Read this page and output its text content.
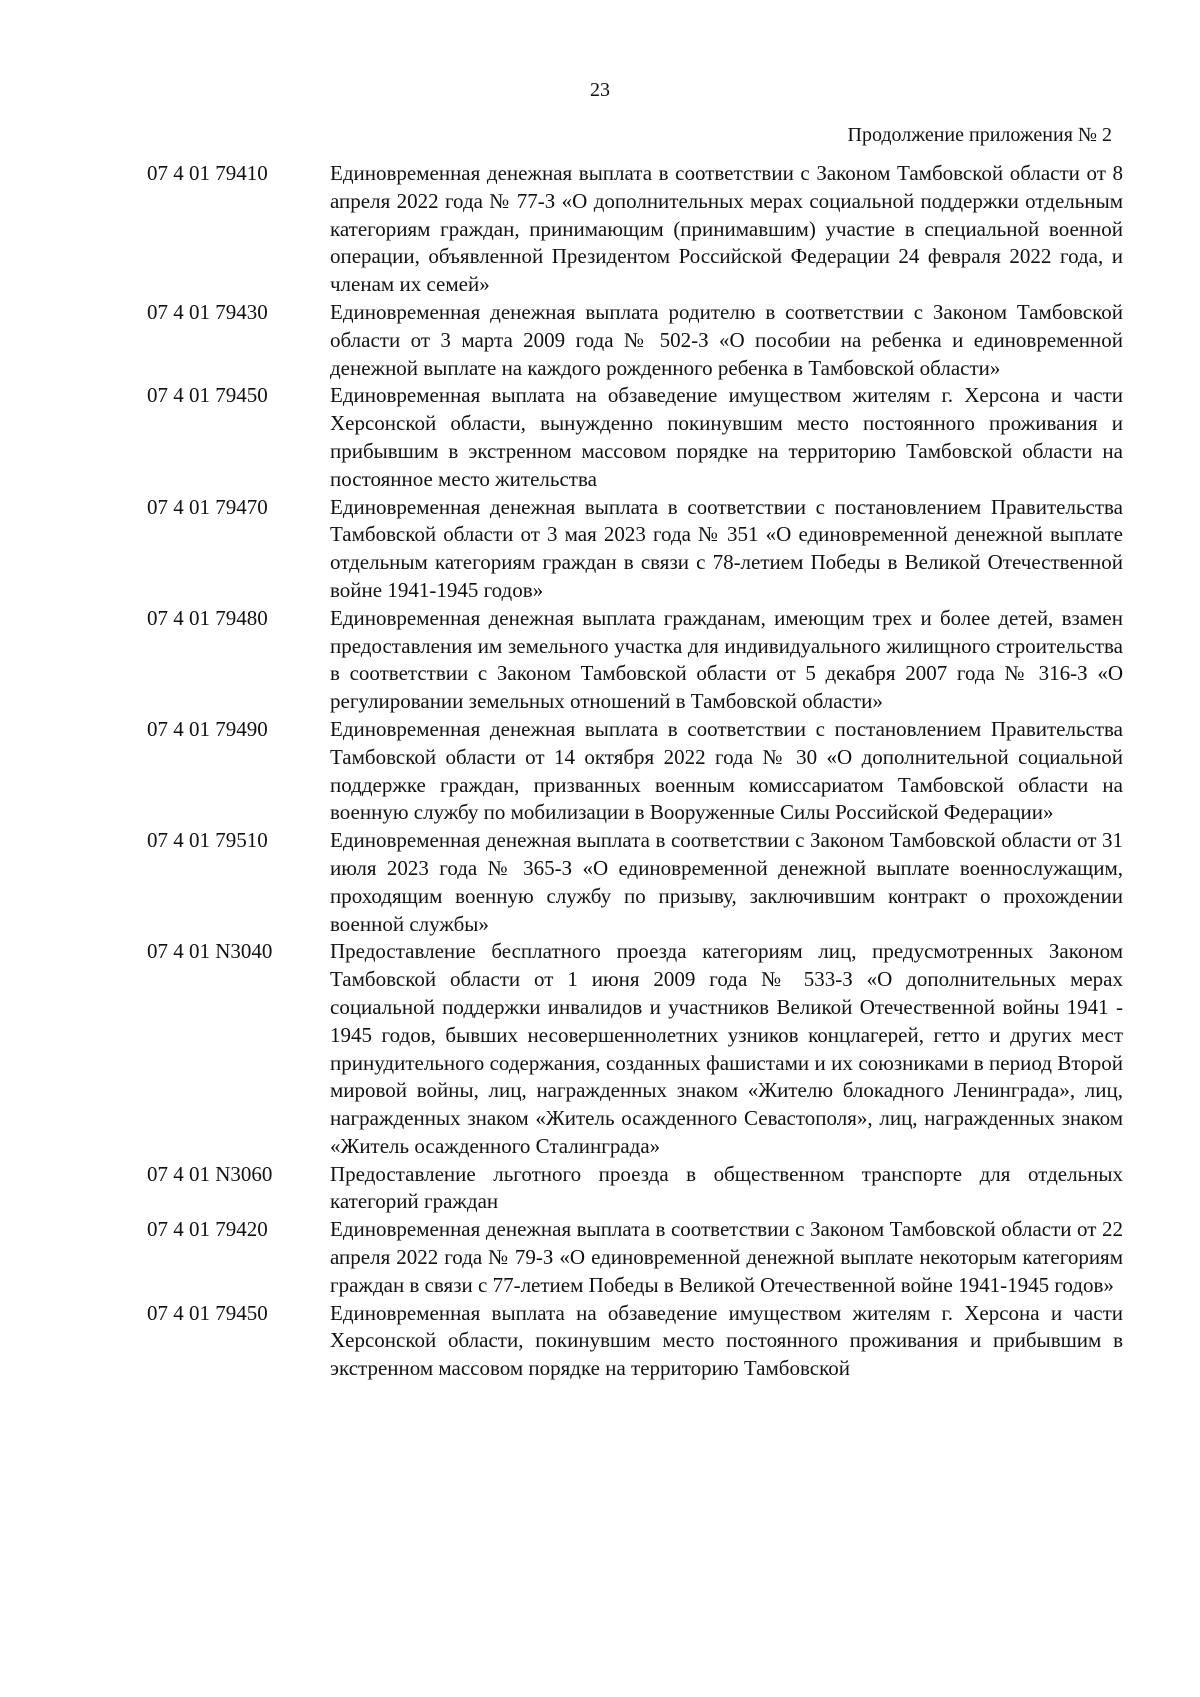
23
Продолжение приложения № 2
07 4 01 79410	Единовременная денежная выплата в соответствии с Законом Тамбовской области от 8 апреля 2022 года № 77-З «О дополнительных мерах социальной поддержки отдельным категориям граждан, принимающим (принимавшим) участие в специальной военной операции, объявленной Президентом Российской Федерации 24 февраля 2022 года, и членам их семей»
07 4 01 79430	Единовременная денежная выплата родителю в соответствии с Законом Тамбовской области от 3 марта 2009 года № 502-З «О пособии на ребенка и единовременной денежной выплате на каждого рожденного ребенка в Тамбовской области»
07 4 01 79450	Единовременная выплата на обзаведение имуществом жителям г. Херсона и части Херсонской области, вынужденно покинувшим место постоянного проживания и прибывшим в экстренном массовом порядке на территорию Тамбовской области на постоянное место жительства
07 4 01 79470	Единовременная денежная выплата в соответствии с постановлением Правительства Тамбовской области от 3 мая 2023 года № 351 «О единовременной денежной выплате отдельным категориям граждан в связи с 78-летием Победы в Великой Отечественной войне 1941-1945 годов»
07 4 01 79480	Единовременная денежная выплата гражданам, имеющим трех и более детей, взамен предоставления им земельного участка для индивидуального жилищного строительства в соответствии с Законом Тамбовской области от 5 декабря 2007 года № 316-З «О регулировании земельных отношений в Тамбовской области»
07 4 01 79490	Единовременная денежная выплата в соответствии с постановлением Правительства Тамбовской области от 14 октября 2022 года № 30 «О дополнительной социальной поддержке граждан, призванных военным комиссариатом Тамбовской области на военную службу по мобилизации в Вооруженные Силы Российской Федерации»
07 4 01 79510	Единовременная денежная выплата в соответствии с Законом Тамбовской области от 31 июля 2023 года № 365-З «О единовременной денежной выплате военнослужащим, проходящим военную службу по призыву, заключившим контракт о прохождении военной службы»
07 4 01 N3040	Предоставление бесплатного проезда категориям лиц, предусмотренных Законом Тамбовской области от 1 июня 2009 года № 533-З «О дополнительных мерах социальной поддержки инвалидов и участников Великой Отечественной войны 1941 - 1945 годов, бывших несовершеннолетних узников концлагерей, гетто и других мест принудительного содержания, созданных фашистами и их союзниками в период Второй мировой войны, лиц, награжденных знаком «Жителю блокадного Ленинграда», лиц, награжденных знаком «Житель осажденного Севастополя», лиц, награжденных знаком «Житель осажденного Сталинграда»
07 4 01 N3060	Предоставление льготного проезда в общественном транспорте для отдельных категорий граждан
07 4 01 79420	Единовременная денежная выплата в соответствии с Законом Тамбовской области от 22 апреля 2022 года № 79-З «О единовременной денежной выплате некоторым категориям граждан в связи с 77-летием Победы в Великой Отечественной войне 1941-1945 годов»
07 4 01 79450	Единовременная выплата на обзаведение имуществом жителям г. Херсона и части Херсонской области, покинувшим место постоянного проживания и прибывшим в экстренном массовом порядке на территорию Тамбовской
